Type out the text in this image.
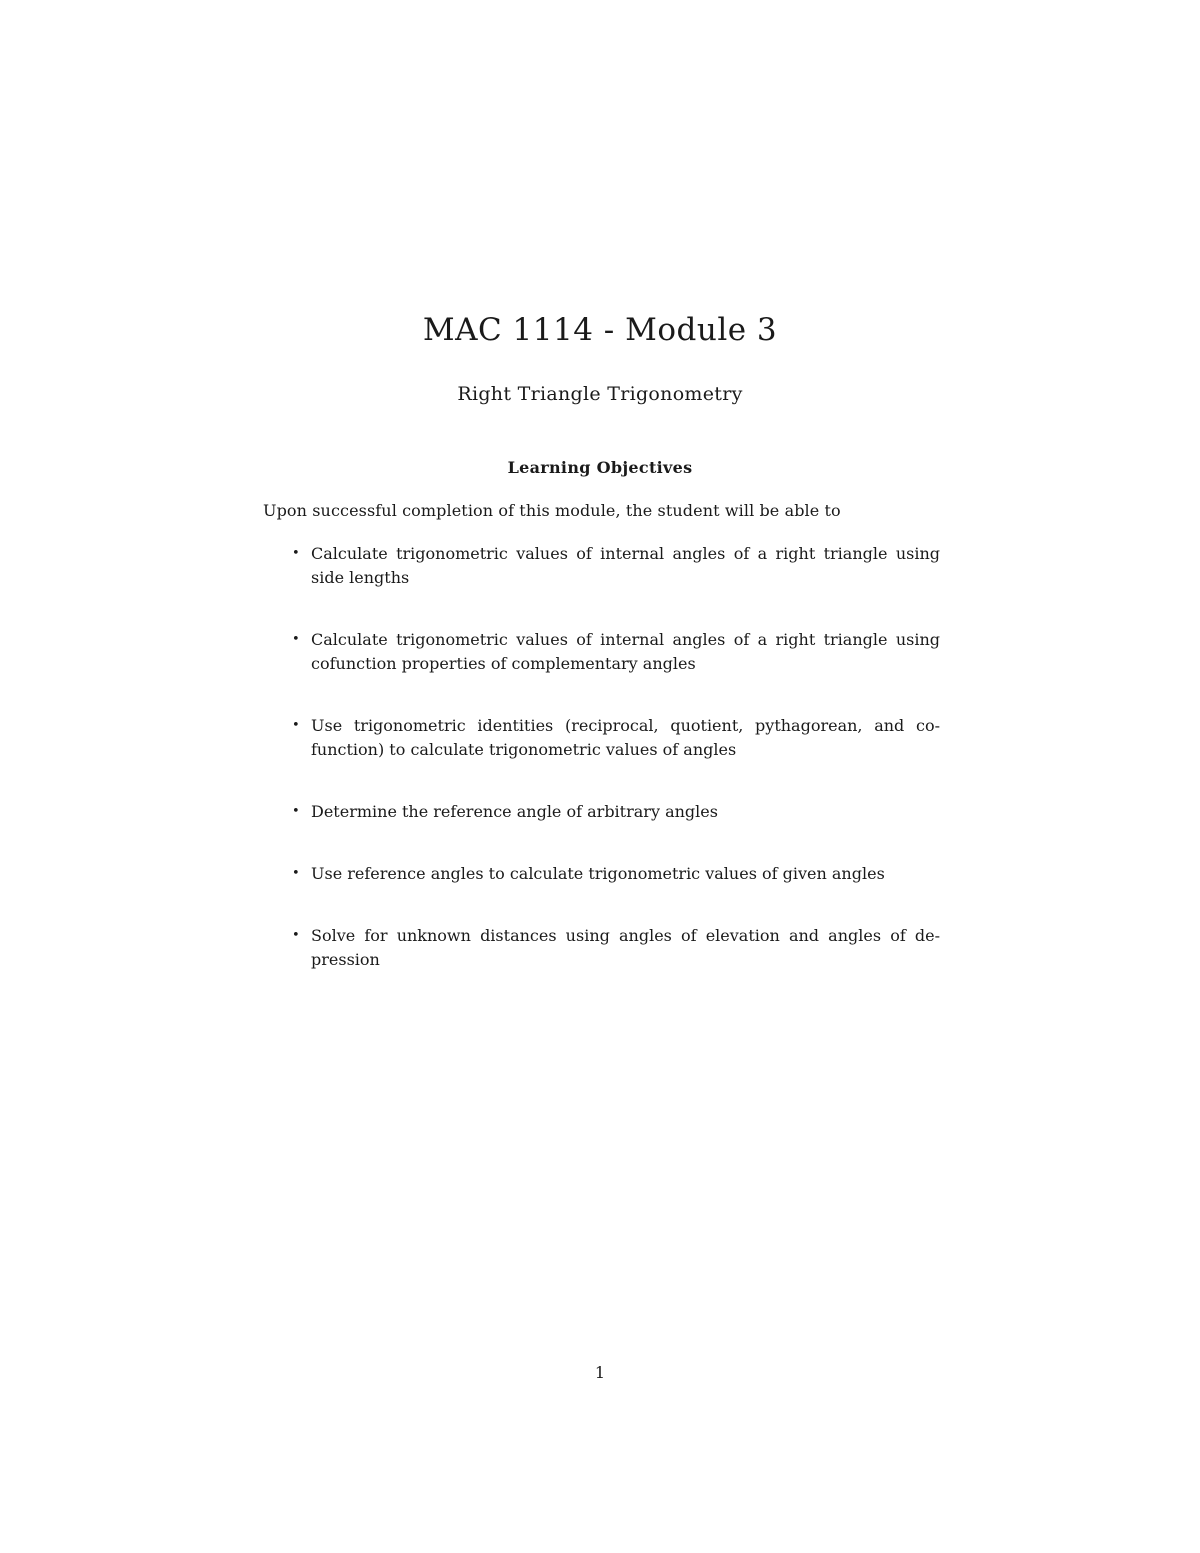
MAC 1114 - Module 3
Right Triangle Trigonometry
Learning Objectives
Upon successful completion of this module, the student will be able to
• Calculate trigonometric values of internal angles of a right triangle using
side lengths
• Calculate trigonometric values of internal angles of a right triangle using
cofunction properties of complementary angles
• Use trigonometric identities (reciprocal, quotient, pythagorean, and co-
function) to calculate trigonometric values of angles
• Determine the reference angle of arbitrary angles
• Use reference angles to calculate trigonometric values of given angles
• Solve for unknown distances using angles of elevation and angles of de-
pression
1
